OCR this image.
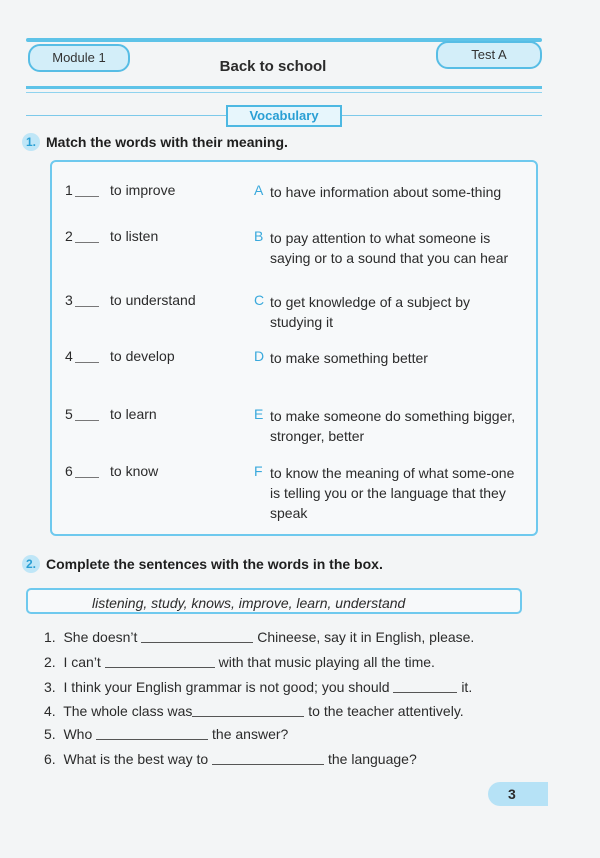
Module 1	Test A
Back to school
Vocabulary
1. Match the words with their meaning.
1	to improve	A to have information about some-thing
2	to listen	B to pay attention to what someone is saying or to a sound that you can hear
3	to understand	C to get knowledge of a subject by studying it
4	to develop	D to make something better
5	to learn	E to make someone do something bigger, stronger, better
6	to know	F to know the meaning of what some-one is telling you or the language that they speak
2. Complete the sentences with the words in the box.
listening, study, knows, improve, learn, understand
1. She doesn’t	Chineese, say it in English, please.
2. I can’t	with that music playing all the time.
3. I think your English grammar is not good; you should	it.
4. The whole class was	to the teacher attentively.
5. Who	the answer?
6. What is the best way to	the language?
3
